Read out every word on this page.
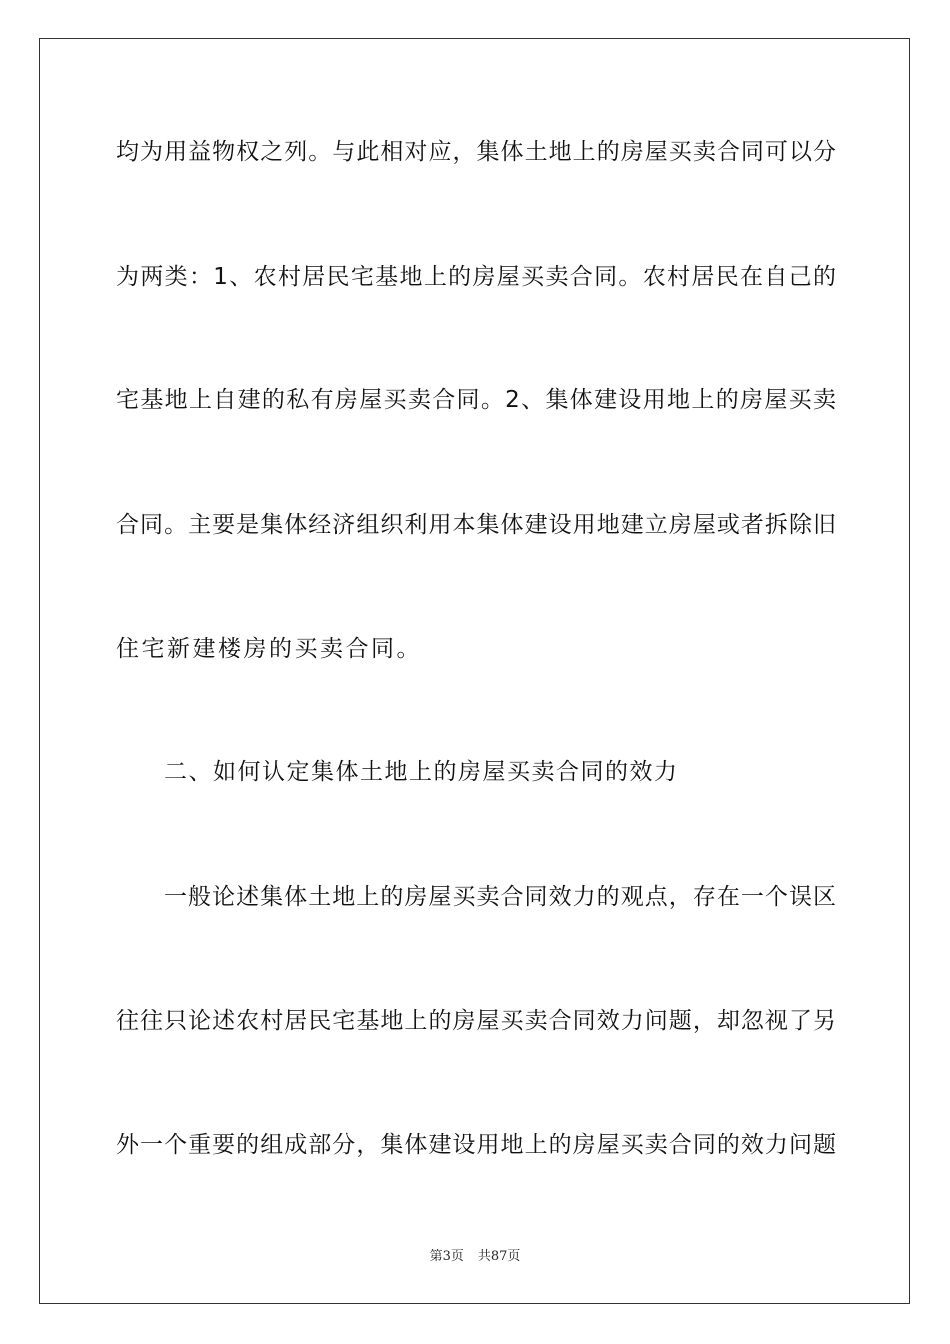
均为用益物权之列。与此相对应，集体土地上的房屋买卖合同可以分
为两类：1、农村居民宅基地上的房屋买卖合同。农村居民在自己的
宅基地上自建的私有房屋买卖合同。2、集体建设用地上的房屋买卖
合同。主要是集体经济组织利用本集体建设用地建立房屋或者拆除旧
住宅新建楼房的买卖合同。
二、如何认定集体土地上的房屋买卖合同的效力
一般论述集体土地上的房屋买卖合同效力的观点，存在一个误区
往往只论述农村居民宅基地上的房屋买卖合同效力问题，却忽视了另
外一个重要的组成部分，集体建设用地上的房屋买卖合同的效力问题
第3页 共87页
